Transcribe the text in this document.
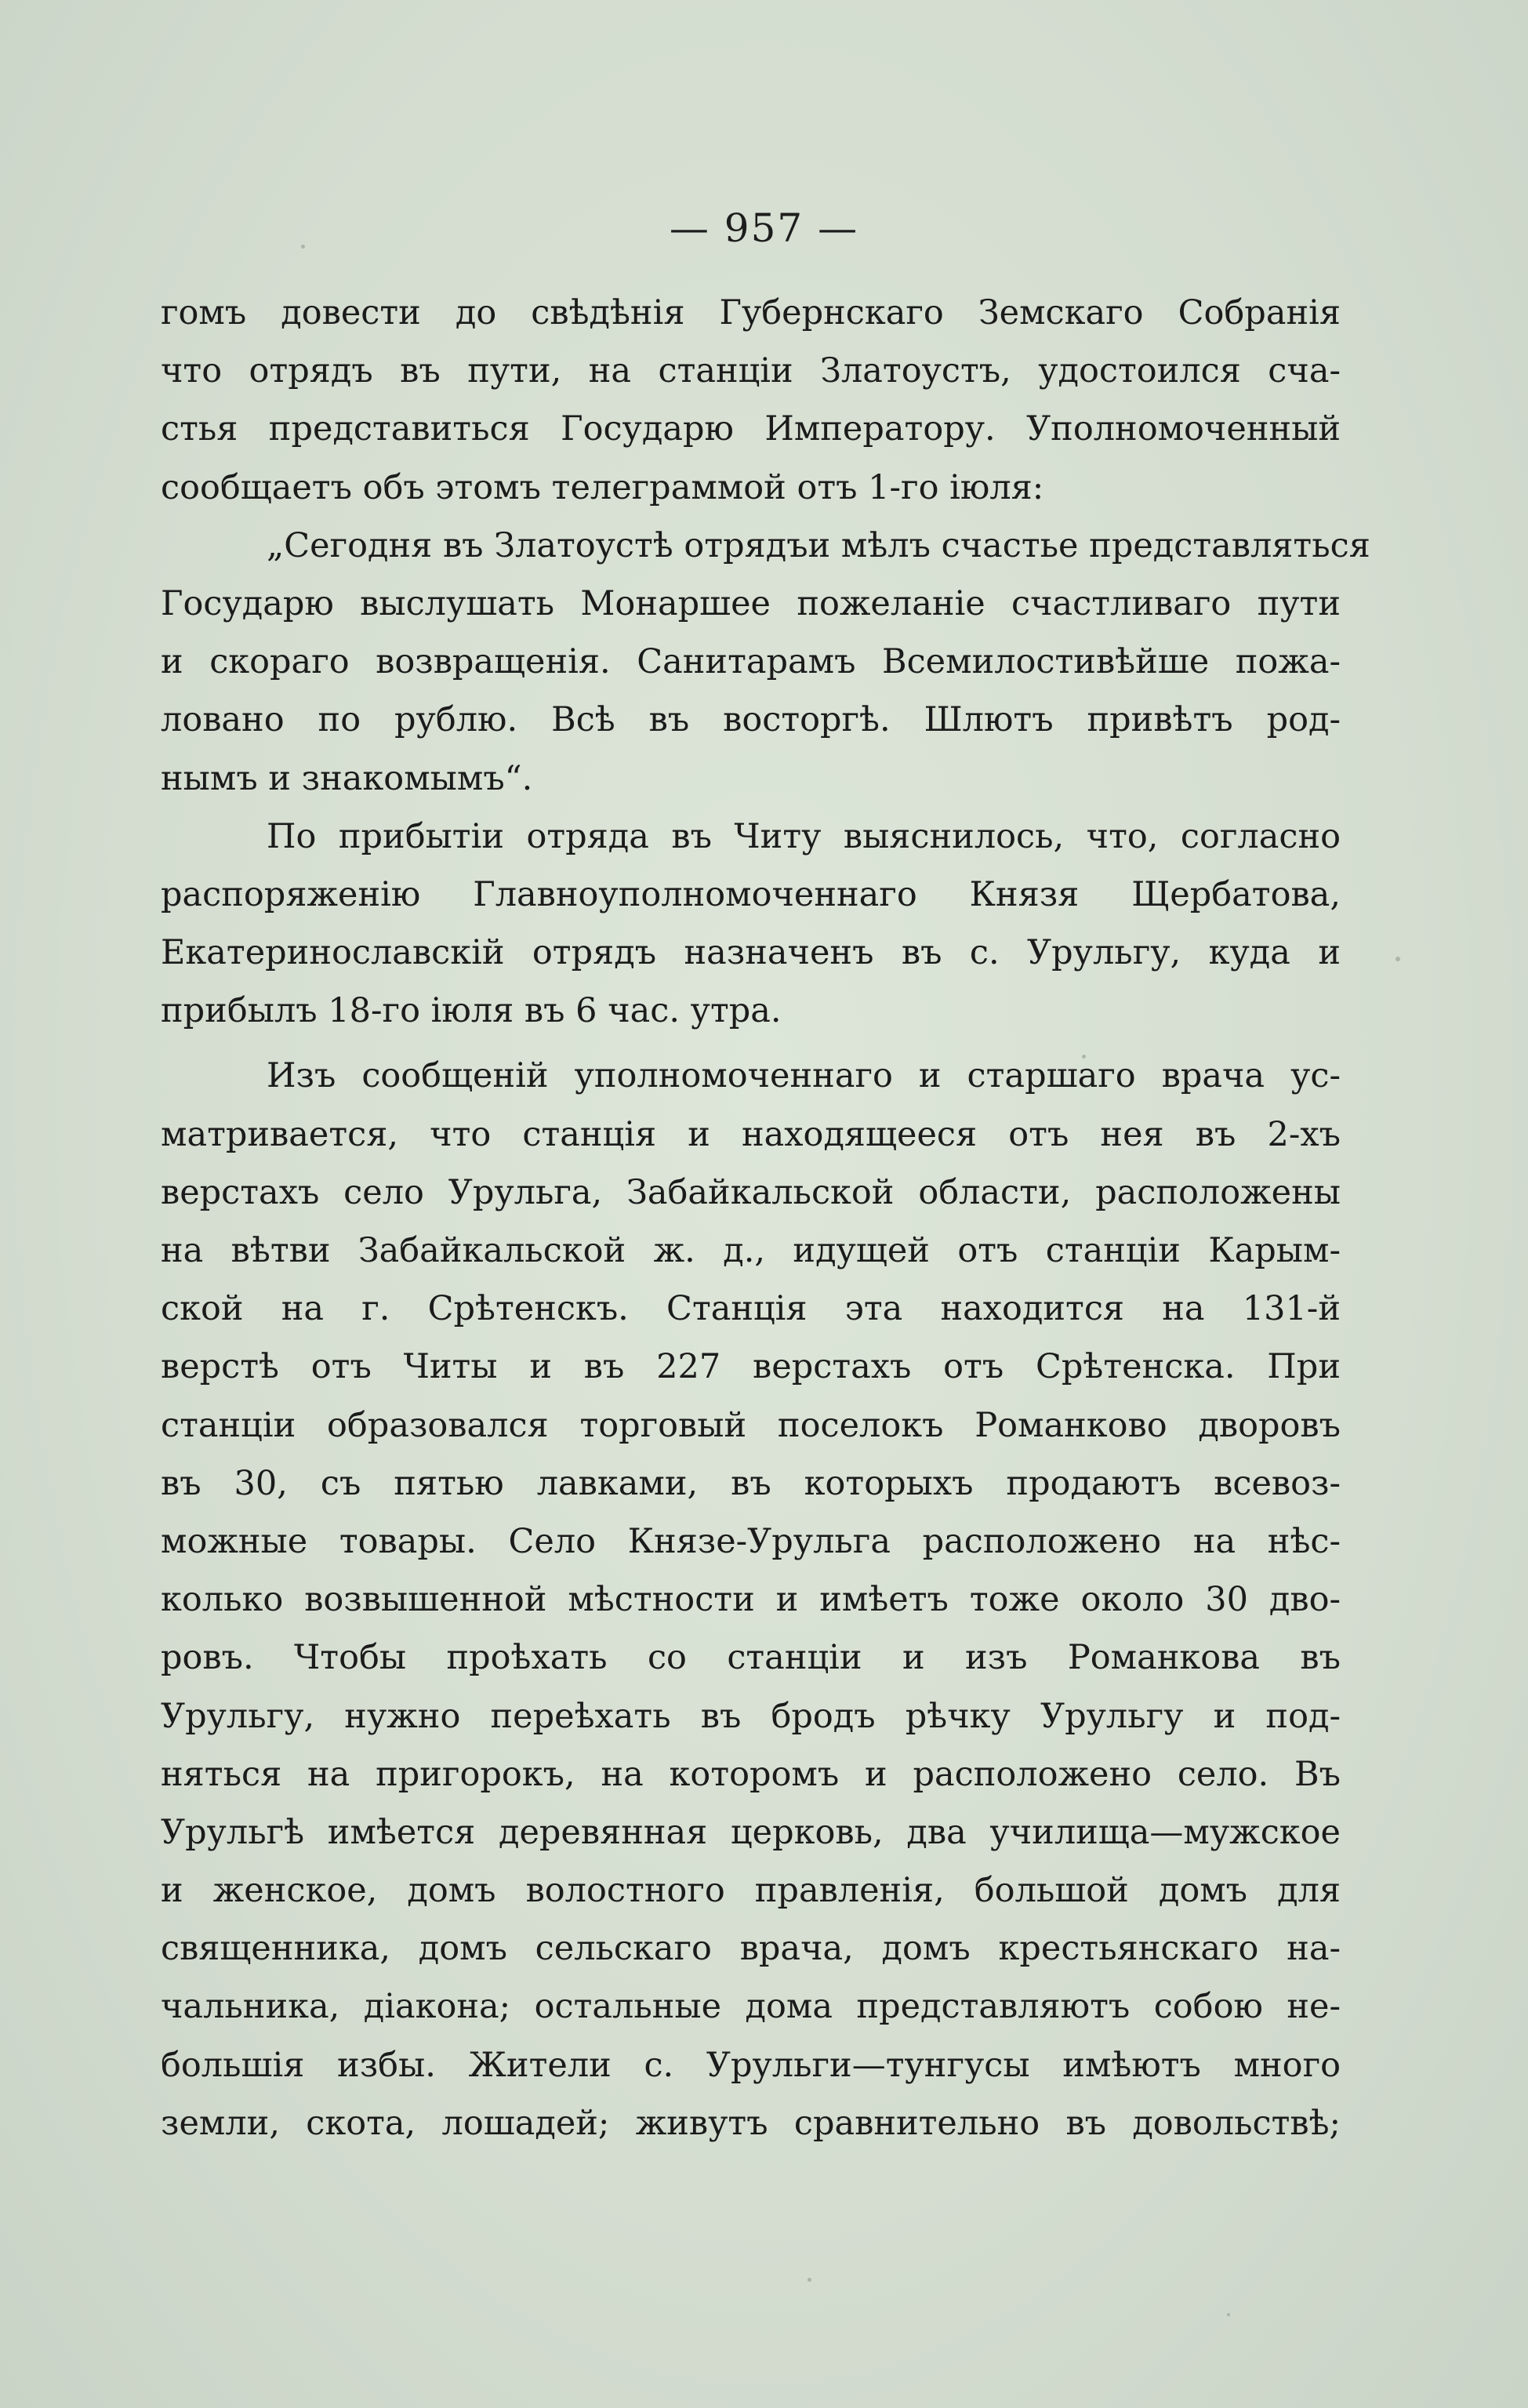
— 957 —
гомъ довести до свѣдѣнія Губернскаго Земскаго Собранія
что отрядъ въ пути, на станціи Златоустъ, удостоился сча-
стья представиться Государю Императору. Уполномоченный
сообщаетъ объ этомъ телеграммой отъ 1-го іюля:
„Сегодня въ Златоустѣ отрядъи мѣлъ счастье представляться
Государю выслушать Монаршее пожеланіе счастливаго пути
и скораго возвращенія. Санитарамъ Всемилостивѣйше пожа-
ловано по рублю. Всѣ въ восторгѣ. Шлютъ привѣтъ род-
нымъ и знакомымъ“.
По прибытіи отряда въ Читу выяснилось, что, согласно
распоряженію Главноуполномоченнаго Князя Щербатова,
Екатеринославскій отрядъ назначенъ въ с. Урульгу, куда и
прибылъ 18-го іюля въ 6 час. утра.
Изъ сообщеній уполномоченнаго и старшаго врача ус-
матривается, что станція и находящееся отъ нея въ 2-хъ
верстахъ село Урульга, Забайкальской области, расположены
на вѣтви Забайкальской ж. д., идущей отъ станціи Карым-
ской на г. Срѣтенскъ. Станція эта находится на 131-й
верстѣ отъ Читы и въ 227 верстахъ отъ Срѣтенска. При
станціи образовался торговый поселокъ Романково дворовъ
въ 30, съ пятью лавками, въ которыхъ продаютъ всевоз-
можные товары. Село Князе-Урульга расположено на нѣс-
колько возвышенной мѣстности и имѣетъ тоже около 30 дво-
ровъ. Чтобы проѣхать со станціи и изъ Романкова въ
Урульгу, нужно переѣхать въ бродъ рѣчку Урульгу и под-
няться на пригорокъ, на которомъ и расположено село. Въ
Урульгѣ имѣется деревянная церковь, два училища—мужское
и женское, домъ волостного правленія, большой домъ для
священника, домъ сельскаго врача, домъ крестьянскаго на-
чальника, діакона; остальные дома представляютъ собою не-
большія избы. Жители с. Урульги—тунгусы имѣютъ много
земли, скота, лошадей; живутъ сравнительно въ довольствѣ;
